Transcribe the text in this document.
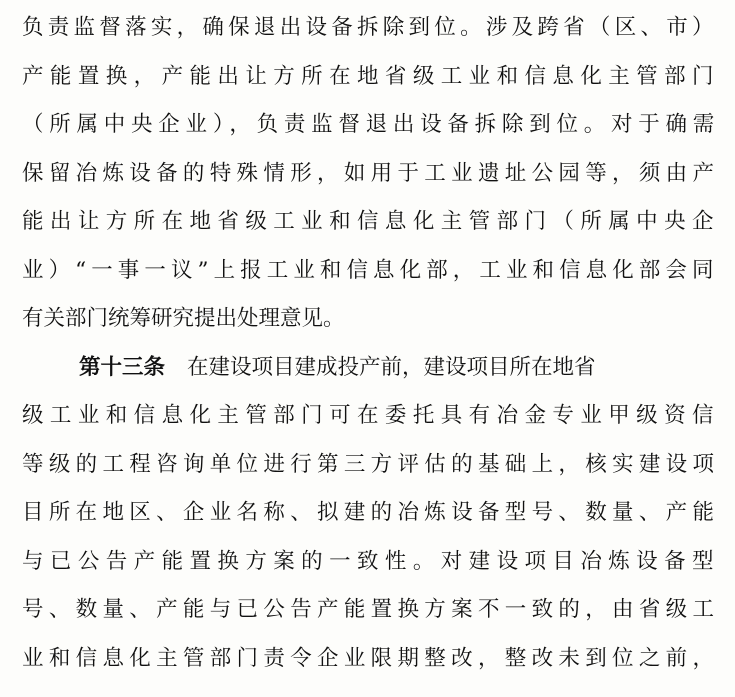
负责监督落实，确保退出设备拆除到位。涉及跨省（区、市）
产能置换，产能出让方所在地省级工业和信息化主管部门
（所属中央企业），负责监督退出设备拆除到位。对于确需
保留冶炼设备的特殊情形，如用于工业遗址公园等，须由产
能出让方所在地省级工业和信息化主管部门（所属中央企
业）“一事一议”上报工业和信息化部，工业和信息化部会同
有关部门统筹研究提出处理意见。
第十三条 在建设项目建成投产前，建设项目所在地省
级工业和信息化主管部门可在委托具有冶金专业甲级资信
等级的工程咨询单位进行第三方评估的基础上，核实建设项
目所在地区、企业名称、拟建的冶炼设备型号、数量、产能
与已公告产能置换方案的一致性。对建设项目冶炼设备型
号、数量、产能与已公告产能置换方案不一致的，由省级工
业和信息化主管部门责令企业限期整改，整改未到位之前，
